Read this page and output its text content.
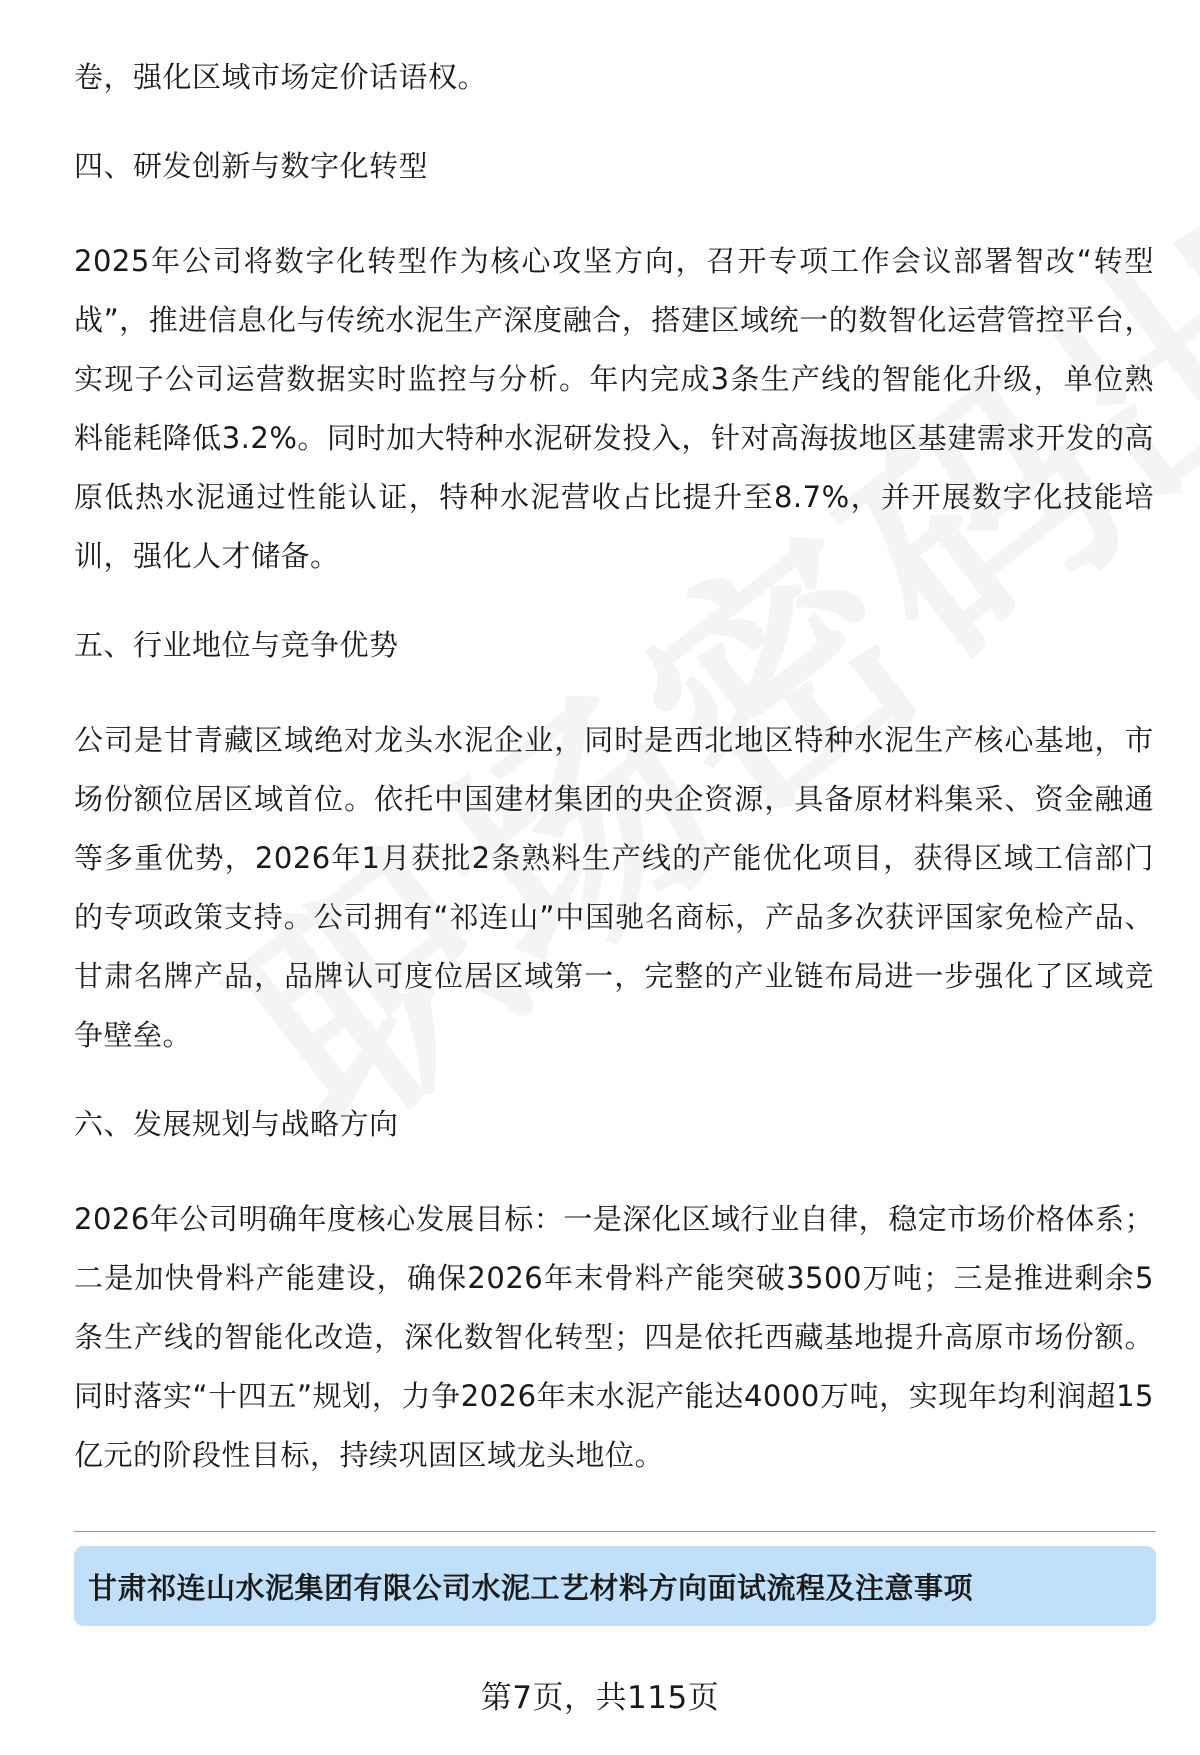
卷，强化区域市场定价话语权。

四、研发创新与数字化转型

2025年公司将数字化转型作为核心攻坚方向，召开专项工作会议部署智改“转型战”，推进信息化与传统水泥生产深度融合，搭建区域统一的数智化运营管控平台，实现子公司运营数据实时监控与分析。年内完成3条生产线的智能化升级，单位熟料能耗降低3.2%。同时加大特种水泥研发投入，针对高海拔地区基建需求开发的高原低热水泥通过性能认证，特种水泥营收占比提升至8.7%，并开展数字化技能培训，强化人才储备。

五、行业地位与竞争优势

公司是甘青藏区域绝对龙头水泥企业，同时是西北地区特种水泥生产核心基地，市场份额位居区域首位。依托中国建材集团的央企资源，具备原材料集采、资金融通等多重优势，2026年1月获批2条熟料生产线的产能优化项目，获得区域工信部门的专项政策支持。公司拥有“祁连山”中国驰名商标，产品多次获评国家免检产品、甘肃名牌产品，品牌认可度位居区域第一，完整的产业链布局进一步强化了区域竞争壁垒。

六、发展规划与战略方向

2026年公司明确年度核心发展目标：一是深化区域行业自律，稳定市场价格体系；二是加快骨料产能建设，确保2026年末骨料产能突破3500万吨；三是推进剩余5条生产线的智能化改造，深化数智化转型；四是依托西藏基地提升高原市场份额。同时落实“十四五”规划，力争2026年末水泥产能达4000万吨，实现年均利润超15亿元的阶段性目标，持续巩固区域龙头地位。

甘肃祁连山水泥集团有限公司水泥工艺材料方向面试流程及注意事项
第7页，共115页
